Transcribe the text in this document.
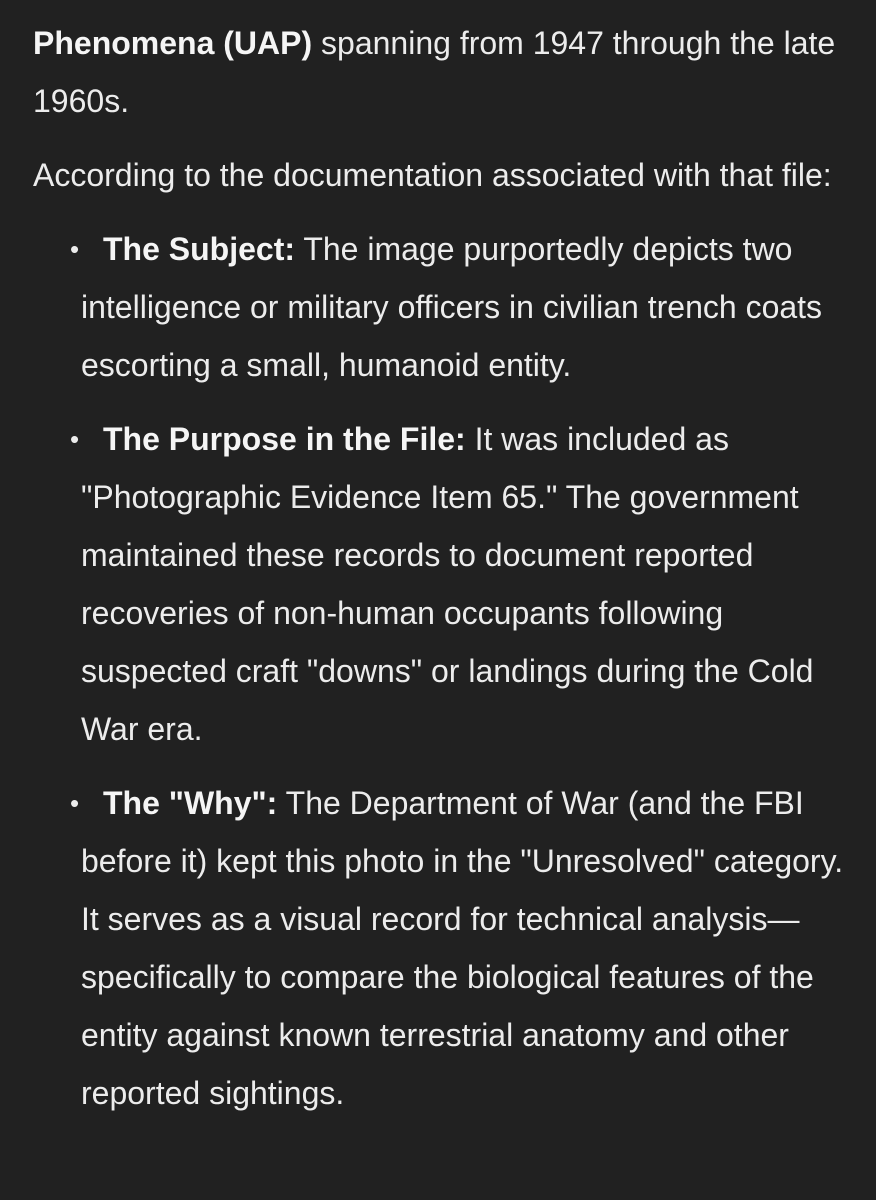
Phenomena (UAP) spanning from 1947 through the late 1960s.

According to the documentation associated with that file:

• The Subject: The image purportedly depicts two intelligence or military officers in civilian trench coats escorting a small, humanoid entity.
• The Purpose in the File: It was included as "Photographic Evidence Item 65." The government maintained these records to document reported recoveries of non-human occupants following suspected craft "downs" or landings during the Cold War era.
• The "Why": The Department of War (and the FBI before it) kept this photo in the "Unresolved" category. It serves as a visual record for technical analysis—specifically to compare the biological features of the entity against known terrestrial anatomy and other reported sightings.
